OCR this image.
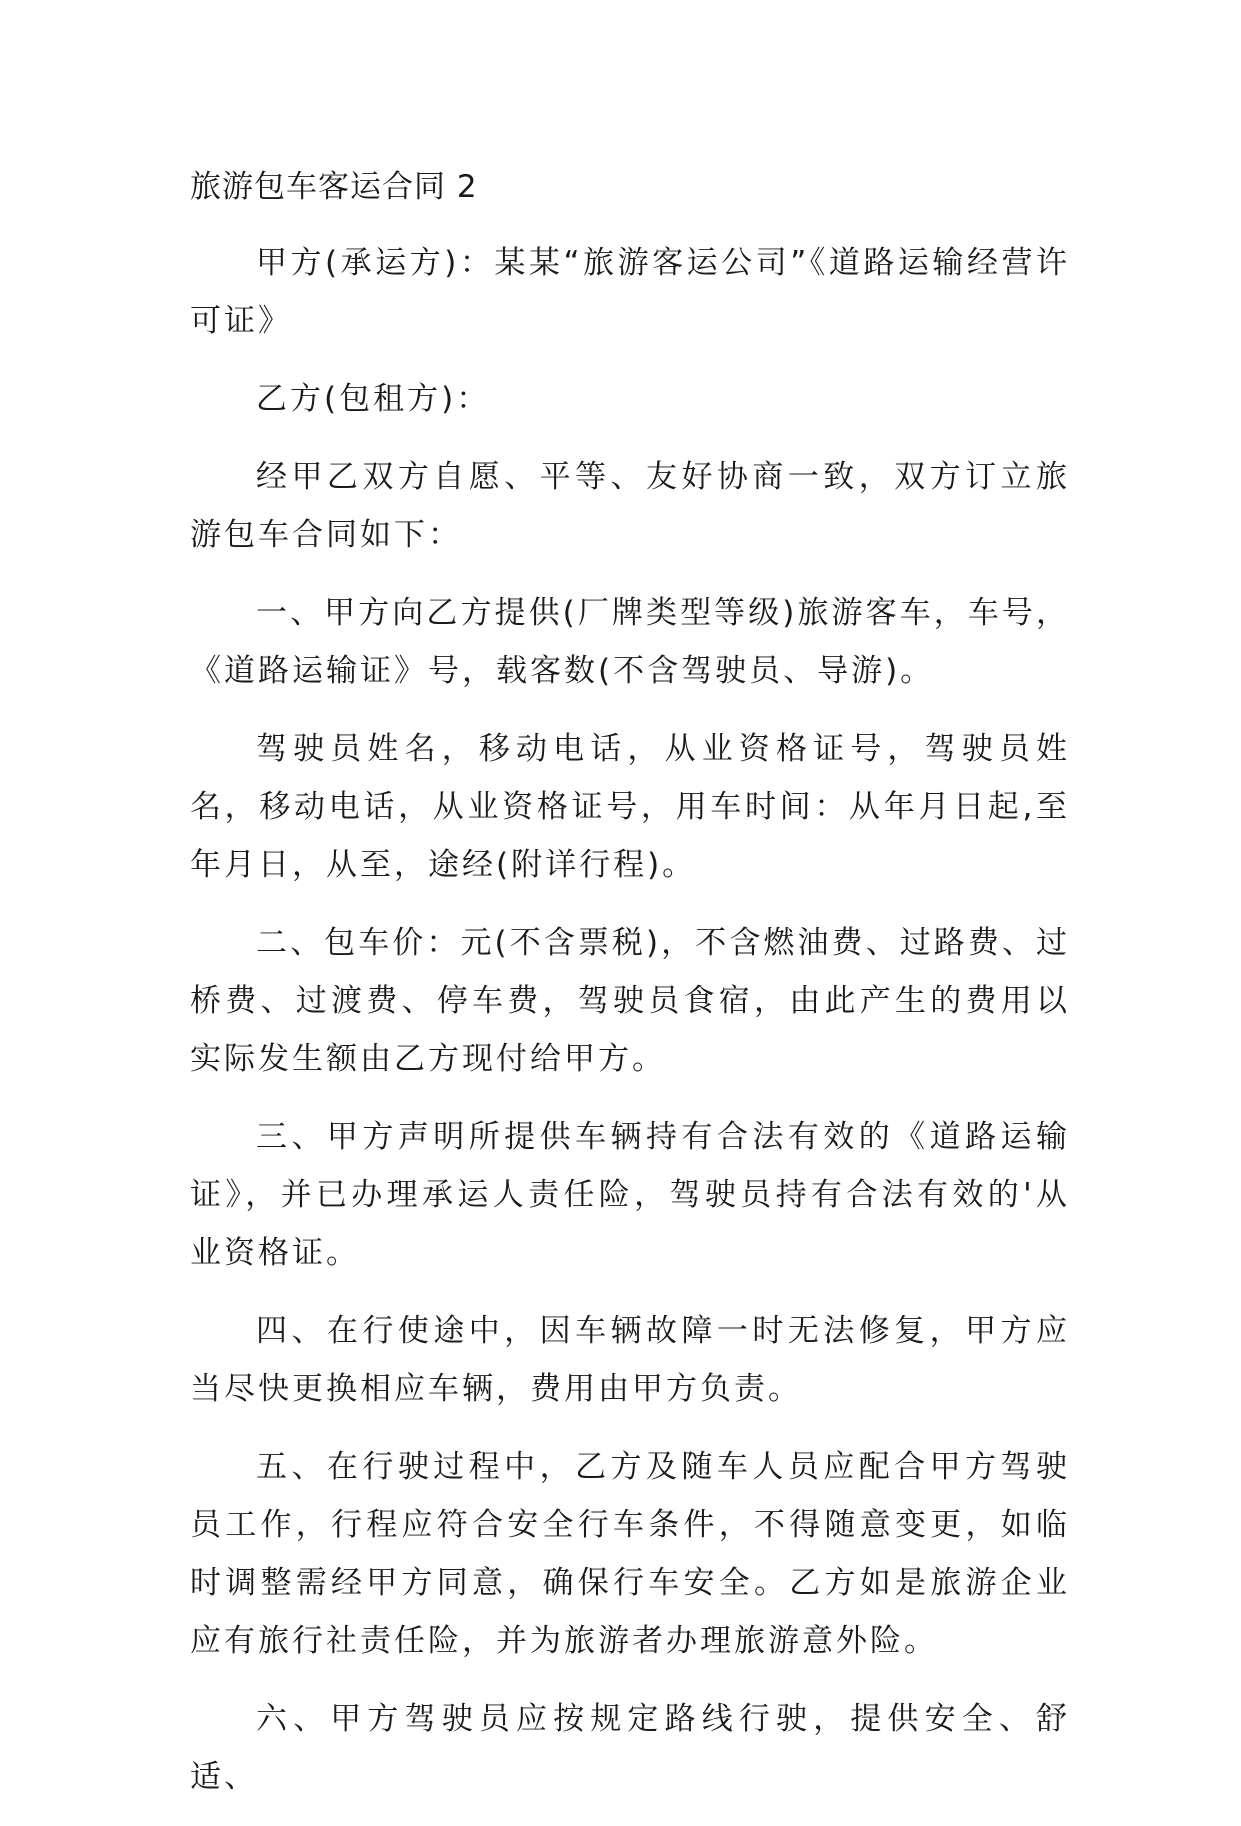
旅游包车客运合同 2

甲方(承运方)：某某“旅游客运公司”《道路运输经营许可证》

乙方(包租方)：

经甲乙双方自愿、平等、友好协商一致，双方订立旅游包车合同如下：

一、甲方向乙方提供(厂牌类型等级)旅游客车，车号，《道路运输证》号，载客数(不含驾驶员、导游)。

驾驶员姓名，移动电话，从业资格证号，驾驶员姓名，移动电话，从业资格证号，用车时间：从年月日起,至年月日，从至，途经(附详行程)。

二、包车价：元(不含票税)，不含燃油费、过路费、过桥费、过渡费、停车费，驾驶员食宿，由此产生的费用以实际发生额由乙方现付给甲方。

三、甲方声明所提供车辆持有合法有效的《道路运输证》，并已办理承运人责任险，驾驶员持有合法有效的'从业资格证。

四、在行使途中，因车辆故障一时无法修复，甲方应当尽快更换相应车辆，费用由甲方负责。

五、在行驶过程中，乙方及随车人员应配合甲方驾驶员工作，行程应符合安全行车条件，不得随意变更，如临时调整需经甲方同意，确保行车安全。乙方如是旅游企业应有旅行社责任险，并为旅游者办理旅游意外险。

六、甲方驾驶员应按规定路线行驶，提供安全、舒适、
